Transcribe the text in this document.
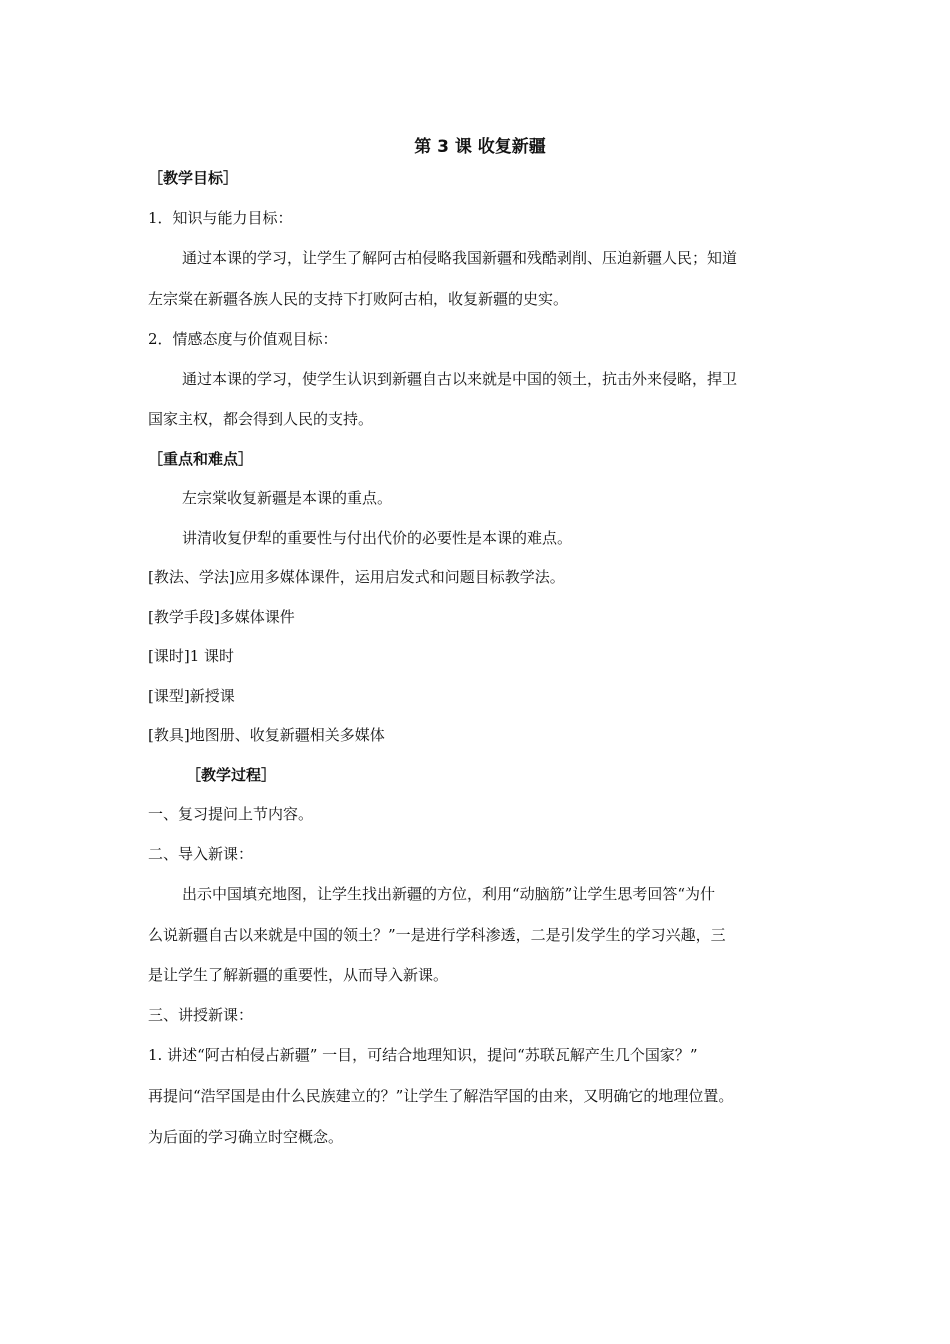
第 3 课 收复新疆
［教学目标］
1．知识与能力目标：
通过本课的学习，让学生了解阿古柏侵略我国新疆和残酷剥削、压迫新疆人民；知道
左宗棠在新疆各族人民的支持下打败阿古柏，收复新疆的史实。
2．情感态度与价值观目标：
通过本课的学习，使学生认识到新疆自古以来就是中国的领土，抗击外来侵略，捍卫
国家主权，都会得到人民的支持。
［重点和难点］
左宗棠收复新疆是本课的重点。
讲清收复伊犁的重要性与付出代价的必要性是本课的难点。
[教法、学法]应用多媒体课件，运用启发式和问题目标教学法。
[教学手段]多媒体课件
[课时]1 课时
[课型]新授课
[教具]地图册、收复新疆相关多媒体
［教学过程］
一、复习提问上节内容。
二、导入新课：
出示中国填充地图，让学生找出新疆的方位，利用“动脑筋”让学生思考回答“为什
么说新疆自古以来就是中国的领土？”一是进行学科渗透，二是引发学生的学习兴趣，三
是让学生了解新疆的重要性，从而导入新课。
三、讲授新课：
1. 讲述“阿古柏侵占新疆” 一目，可结合地理知识，提问“苏联瓦解产生几个国家？”
再提问“浩罕国是由什么民族建立的？”让学生了解浩罕国的由来，又明确它的地理位置。
为后面的学习确立时空概念。
